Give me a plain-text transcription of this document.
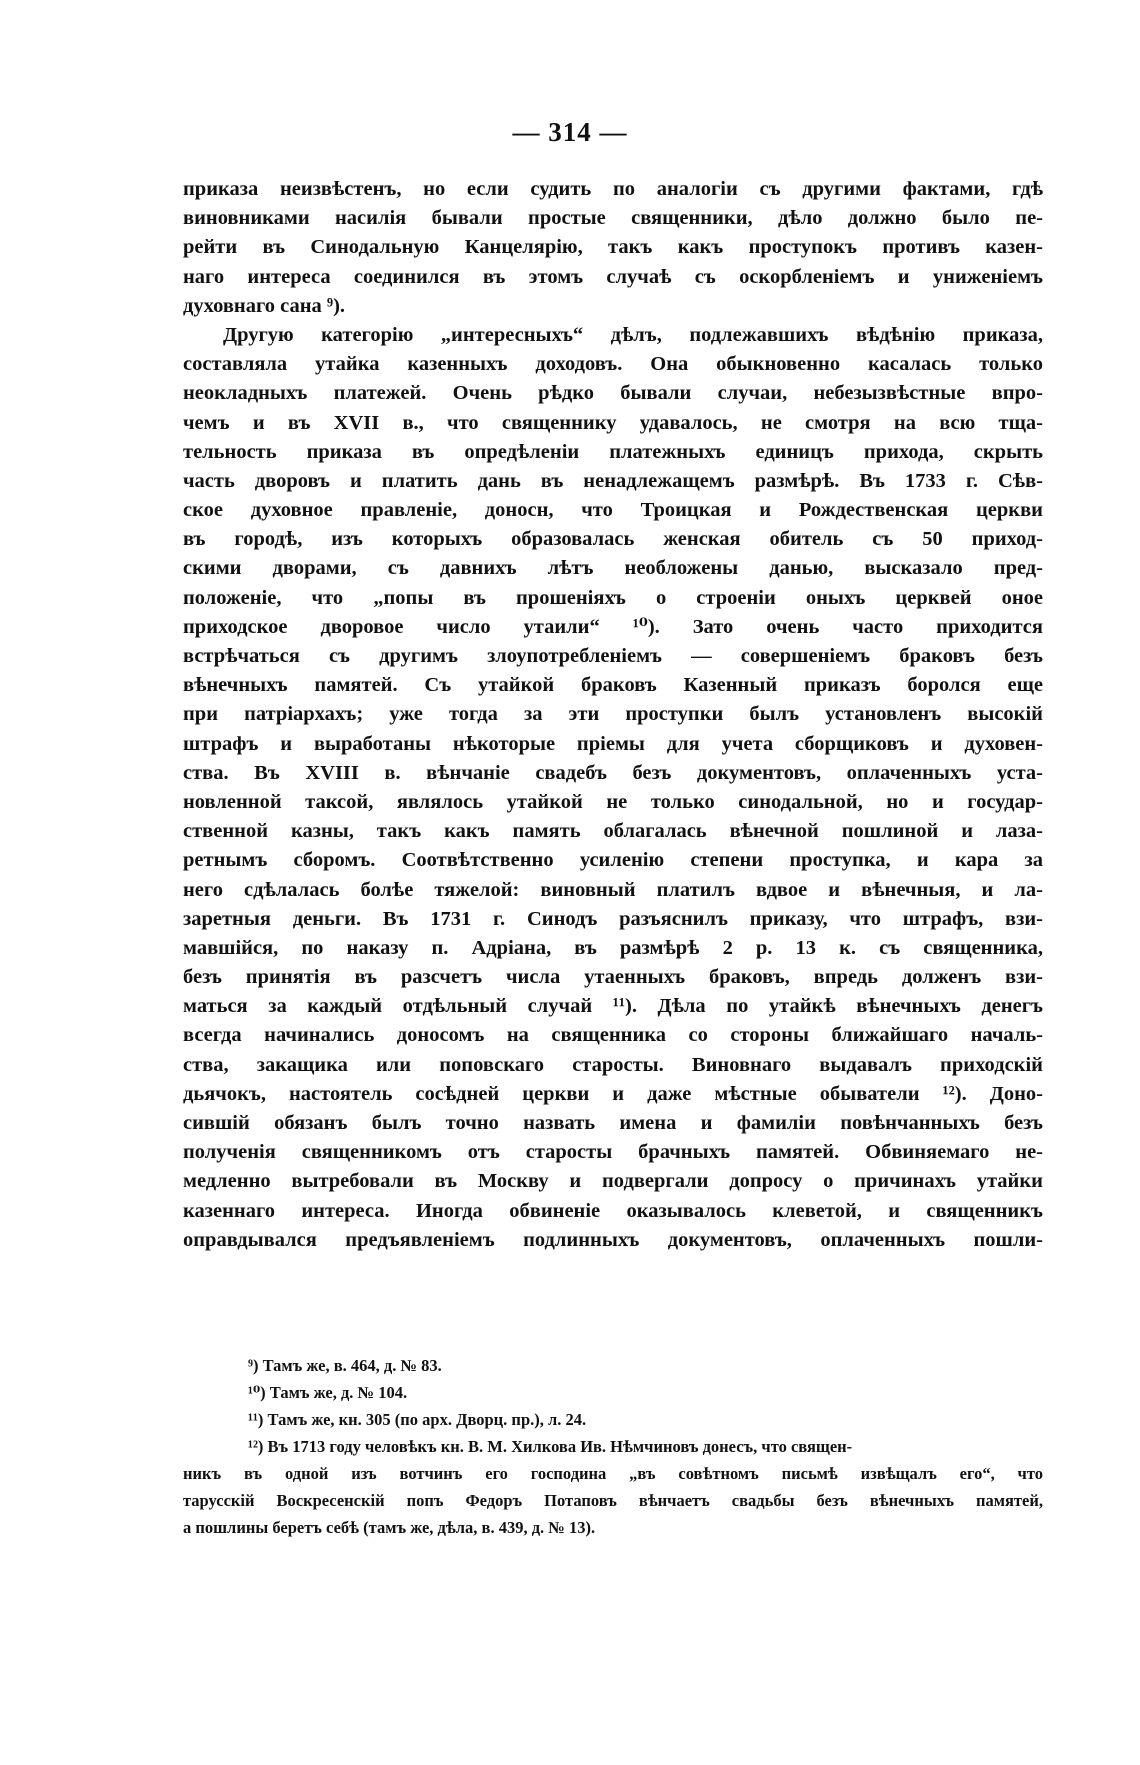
— 314 —
приказа неизвѣстенъ, но если судить по аналогіи съ другими фактами, гдѣ
виновниками насилія бывали простые священники, дѣло должно было пе-
рейти въ Синодальную Канцелярію, такъ какъ проступокъ противъ казен-
наго интереса соединился въ этомъ случаѣ съ оскорбленіемъ и униженіемъ
духовнаго сана ⁹).
Другую категорію „интересныхъ“ дѣлъ, подлежавшихъ вѣдѣнію приказа,
составляла утайка казенныхъ доходовъ. Она обыкновенно касалась только
неокладныхъ платежей. Очень рѣдко бывали случаи, небезызвѣстные впро-
чемъ и въ XVII в., что священнику удавалось, не смотря на всю тща-
тельность приказа въ опредѣленіи платежныхъ единицъ прихода, скрыть
часть дворовъ и платить дань въ ненадлежащемъ размѣрѣ. Въ 1733 г. Сѣв-
ское духовное правленіе, доносн, что Троицкая и Рождественская церкви
въ городѣ, изъ которыхъ образовалась женская обитель съ 50 приход-
скими дворами, съ давнихъ лѣтъ необложены данью, высказало пред-
положеніе, что „попы въ прошеніяхъ о строеніи оныхъ церквей оное
приходское дворовое число утаили“ ¹⁰). Зато очень часто приходится
встрѣчаться съ другимъ злоупотребленіемъ — совершеніемъ браковъ безъ
вѣнечныхъ памятей. Съ утайкой браковъ Казенный приказъ боролся еще
при патріархахъ; уже тогда за эти проступки былъ установленъ высокій
штрафъ и выработаны нѣкоторые пріемы для учета сборщиковъ и духовен-
ства. Въ XVIII в. вѣнчаніе свадебъ безъ документовъ, оплаченныхъ уста-
новленной таксой, являлось утайкой не только синодальной, но и государ-
ственной казны, такъ какъ память облагалась вѣнечной пошлиной и лаза-
ретнымъ сборомъ. Соотвѣтственно усиленію степени проступка, и кара за
него сдѣлалась болѣе тяжелой: виновный платилъ вдвое и вѣнечныя, и ла-
заретныя деньги. Въ 1731 г. Синодъ разъяснилъ приказу, что штрафъ, взи-
мавшійся, по наказу п. Адріана, въ размѣрѣ 2 р. 13 к. съ священника,
безъ принятія въ разсчетъ числа утаенныхъ браковъ, впредь долженъ взи-
маться за каждый отдѣльный случай ¹¹). Дѣла по утайкѣ вѣнечныхъ денегъ
всегда начинались доносомъ на священника со стороны ближайшаго началь-
ства, закащика или поповскаго старосты. Виновнаго выдавалъ приходскій
дьячокъ, настоятель сосѣдней церкви и даже мѣстные обыватели ¹²). Доно-
сившій обязанъ былъ точно назвать имена и фамиліи повѣнчанныхъ безъ
полученія священникомъ отъ старосты брачныхъ памятей. Обвиняемаго не-
медленно вытребовали въ Москву и подвергали допросу о причинахъ утайки
казеннаго интереса. Иногда обвиненіе оказывалось клеветой, и священникъ
оправдывался предъявленіемъ подлинныхъ документовъ, оплаченныхъ пошли-
⁹) Тамъ же, в. 464, д. № 83.
¹⁰) Тамъ же, д. № 104.
¹¹) Тамъ же, кн. 305 (по арх. Дворц. пр.), л. 24.
¹²) Въ 1713 году человѣкъ кн. В. М. Хилкова Ив. Нѣмчиновъ донесъ, что священ-
никъ въ одной изъ вотчинъ его господина „въ совѣтномъ письмѣ извѣщалъ его“, что
тарусскій Воскресенскій попъ Федоръ Потаповъ вѣнчаетъ свадьбы безъ вѣнечныхъ памятей,
а пошлины беретъ себѣ (тамъ же, дѣла, в. 439, д. № 13).
